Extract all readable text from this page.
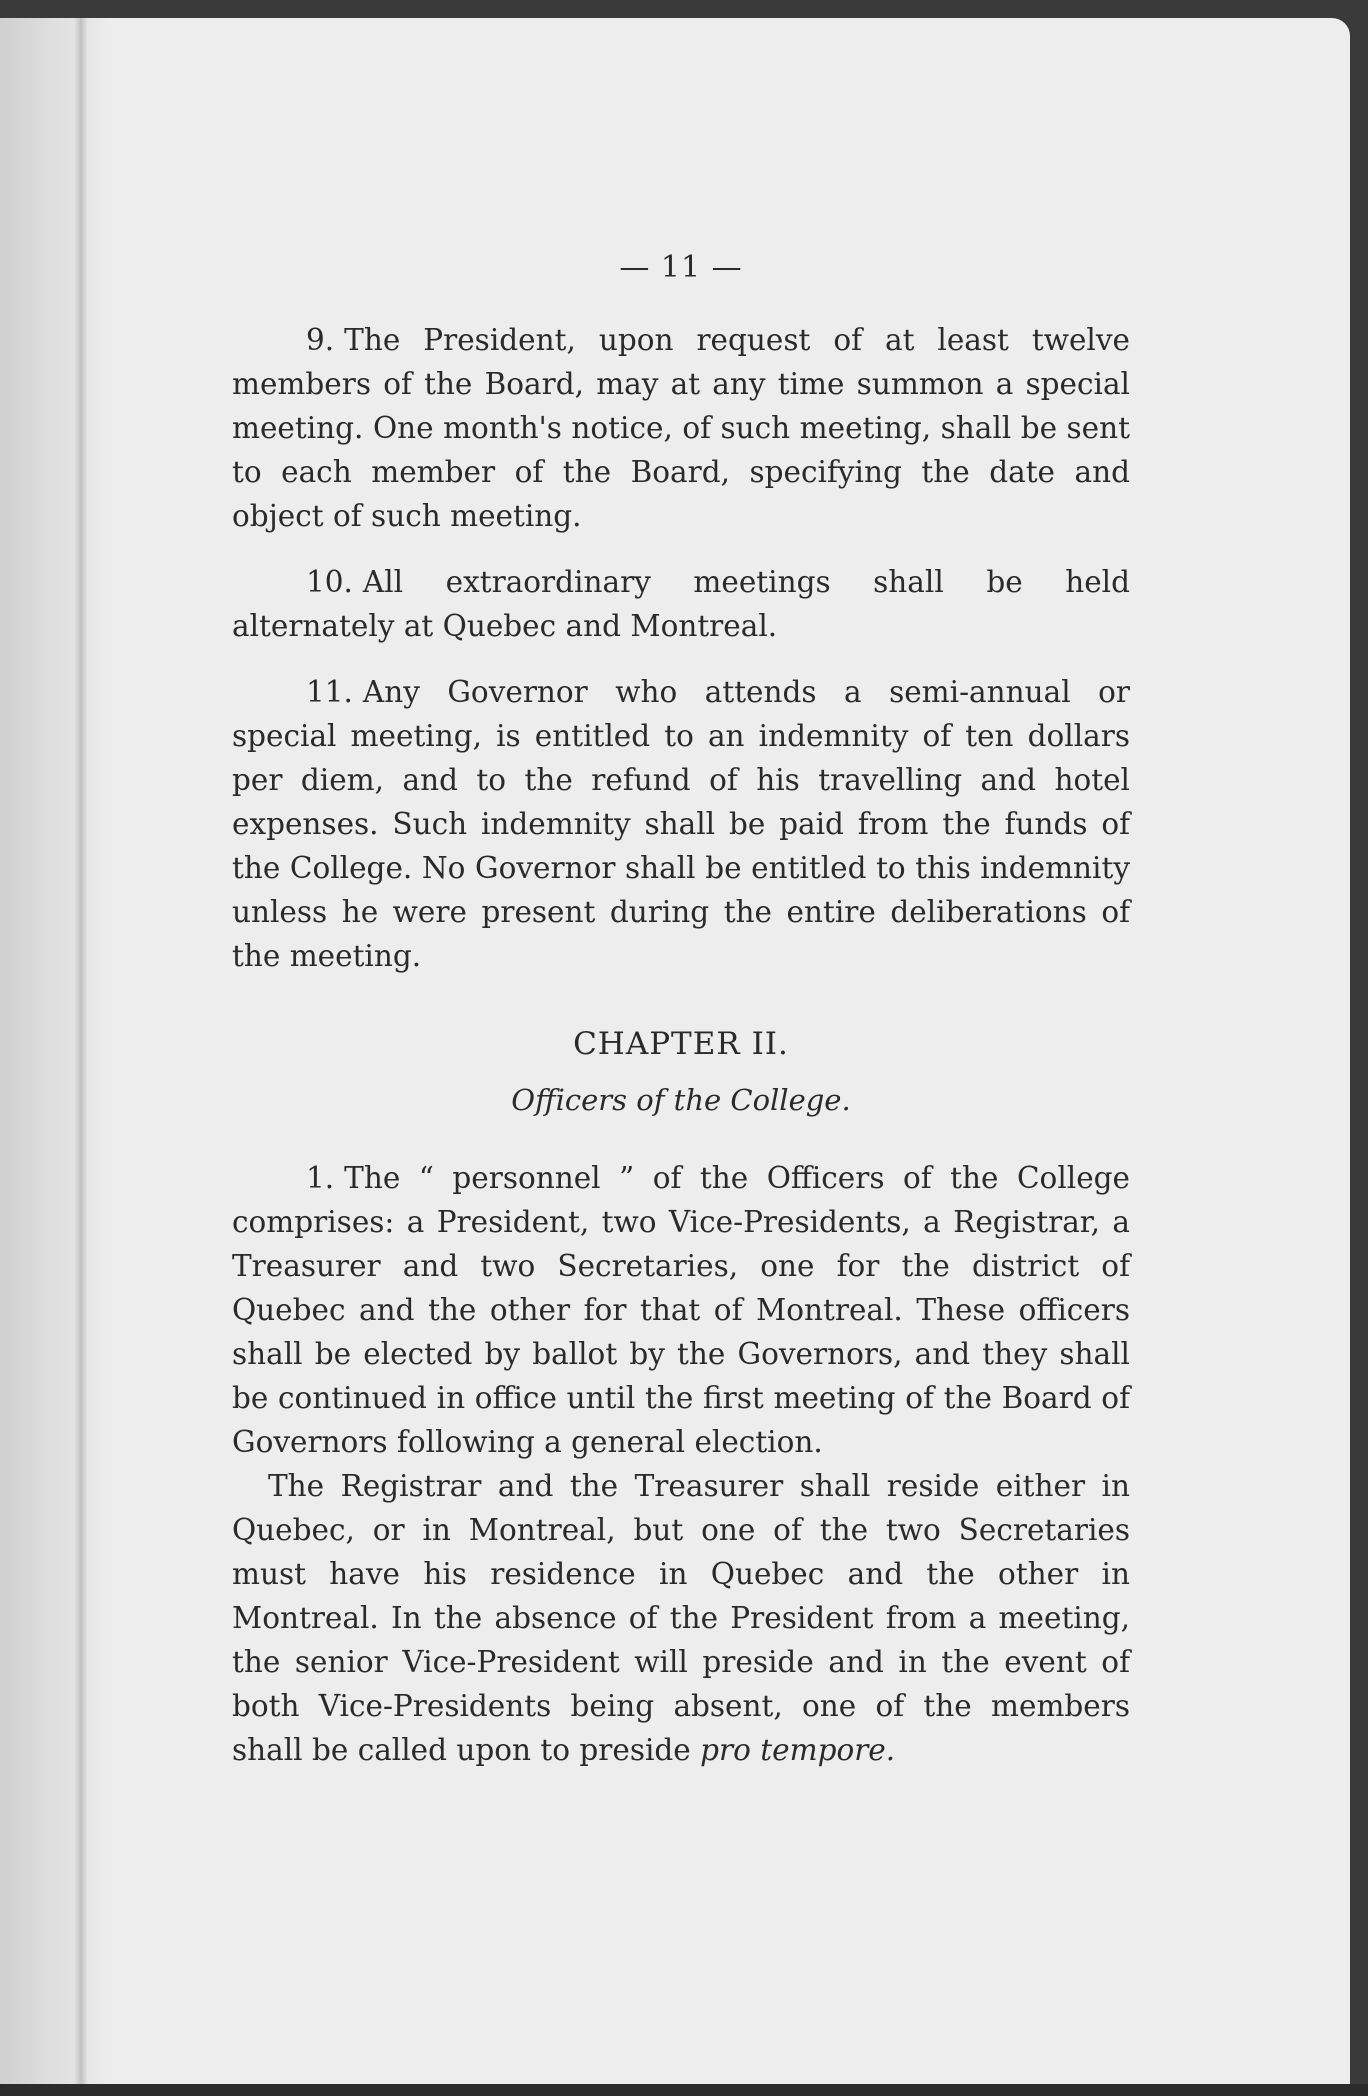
— 11 —

9. The President, upon request of at least twelve members of the Board, may at any time summon a special meeting. One month's notice, of such meeting, shall be sent to each member of the Board, specifying the date and object of such meeting.

10. All extraordinary meetings shall be held alternately at Quebec and Montreal.

11. Any Governor who attends a semi-annual or special meeting, is entitled to an indemnity of ten dollars per diem, and to the refund of his travelling and hotel expenses. Such indemnity shall be paid from the funds of the College. No Governor shall be entitled to this indemnity unless he were present during the entire deliberations of the meeting.

CHAPTER II.
Officers of the College.

1. The “ personnel ” of the Officers of the College comprises: a President, two Vice-Presidents, a Registrar, a Treasurer and two Secretaries, one for the district of Quebec and the other for that of Montreal. These officers shall be elected by ballot by the Governors, and they shall be continued in office until the first meeting of the Board of Governors following a general election.

The Registrar and the Treasurer shall reside either in Quebec, or in Montreal, but one of the two Secretaries must have his residence in Quebec and the other in Montreal. In the absence of the President from a meeting, the senior Vice-President will preside and in the event of both Vice-Presidents being absent, one of the members shall be called upon to preside pro tempore.
